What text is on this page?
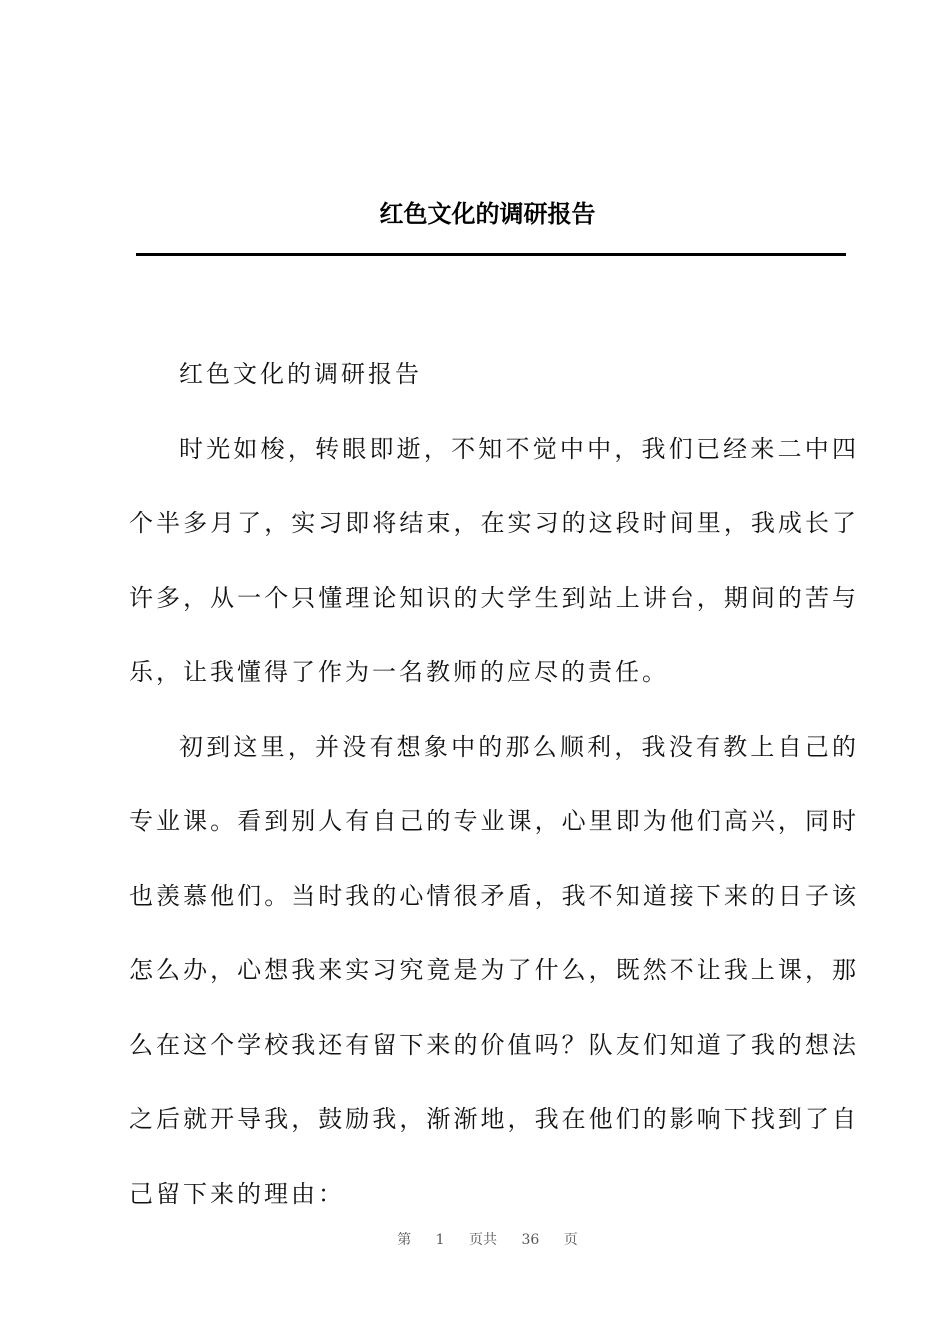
红色文化的调研报告

红色文化的调研报告

时光如梭，转眼即逝，不知不觉中中，我们已经来二中四个半多月了，实习即将结束，在实习的这段时间里，我成长了许多，从一个只懂理论知识的大学生到站上讲台，期间的苦与乐，让我懂得了作为一名教师的应尽的责任。

初到这里，并没有想象中的那么顺利，我没有教上自己的专业课。看到别人有自己的专业课，心里即为他们高兴，同时也羡慕他们。当时我的心情很矛盾，我不知道接下来的日子该怎么办，心想我来实习究竟是为了什么，既然不让我上课，那么在这个学校我还有留下来的价值吗？队友们知道了我的想法之后就开导我，鼓励我，渐渐地，我在他们的影响下找到了自己留下来的理由：

第 1 页共 36 页
